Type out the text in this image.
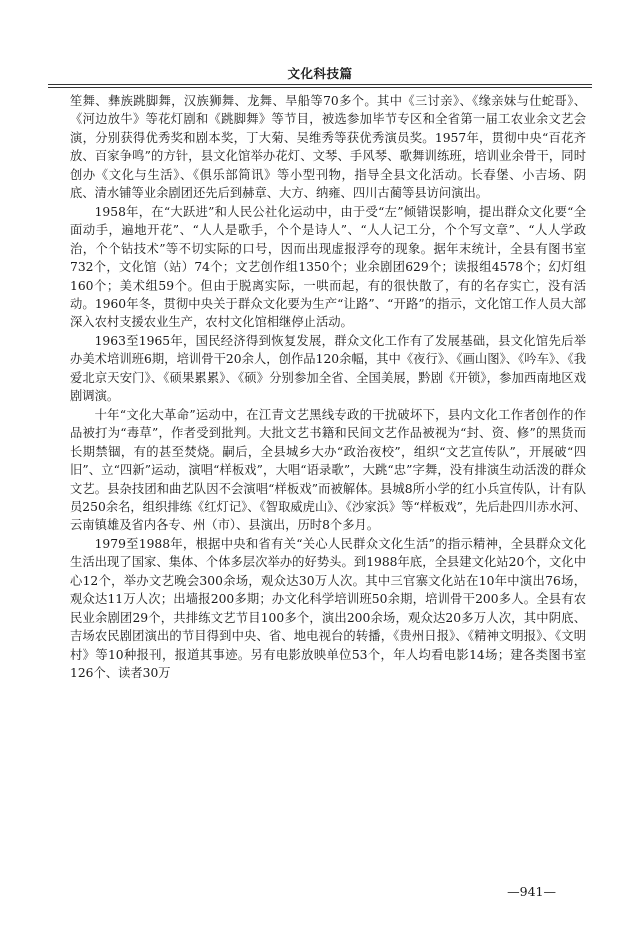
文化科技篇

笙舞、彝族跳脚舞，汉族狮舞、龙舞、旱船等70多个。其中《三讨亲》、《缘亲妹与仕蛇哥》、《河边放牛》等花灯剧和《跳脚舞》等节目，被选参加毕节专区和全省第一届工农业余文艺会演，分别获得优秀奖和剧本奖，丁大菊、吴维秀等获优秀演员奖。1957年，贯彻中央“百花齐放、百家争鸣”的方针，县文化馆举办花灯、文琴、手风琴、歌舞训练班，培训业余骨干，同时创办《文化与生活》、《俱乐部简讯》等小型刊物，指导全县文化活动。长春堡、小吉场、阴底、清水铺等业余剧团还先后到赫章、大方、纳雍、四川古蔺等县访问演出。

1958年，在“大跃进”和人民公社化运动中，由于受“左”倾错误影响，提出群众文化要“全面动手，遍地开花”、“人人是歌手，个个是诗人”、“人人记工分，个个写文章”、“人人学政治，个个钻技术”等不切实际的口号，因而出现虚报浮夸的现象。据年末统计，全县有图书室732个，文化馆（站）74个；文艺创作组1350个；业余剧团629个；读报组4578个；幻灯组160个；美术组59个。但由于脱离实际，一哄而起，有的很快散了，有的名存实亡，没有活动。1960年冬，贯彻中央关于群众文化要为生产“让路”、“开路”的指示，文化馆工作人员大部深入农村支援农业生产，农村文化馆相继停止活动。

1963至1965年，国民经济得到恢复发展，群众文化工作有了发展基础，县文化馆先后举办美术培训班6期，培训骨干20余人，创作品120余幅，其中《夜行》、《画山图》、《吟车》、《我爱北京天安门》、《硕果累累》、《硕》分别参加全省、全国美展，黔剧《开锁》，参加西南地区戏剧调演。

十年“文化大革命”运动中，在江青文艺黑线专政的干扰破坏下，县内文化工作者创作的作品被打为“毒草”，作者受到批判。大批文艺书籍和民间文艺作品被视为“封、资、修”的黑货而长期禁锢，有的甚至焚烧。嗣后，全县城乡大办“政治夜校”，组织“文艺宣传队”，开展破“四旧”、立“四新”运动，演唱“样板戏”，大唱“语录歌”，大跳“忠”字舞，没有排演生动活泼的群众文艺。县杂技团和曲艺队因不会演唱“样板戏”而被解体。县城8所小学的红小兵宣传队，计有队员250余名，组织排练《红灯记》、《智取威虎山》、《沙家浜》等“样板戏”，先后赴四川赤水河、云南镇雄及省内各专、州（市）、县演出，历时8个多月。

1979至1988年，根据中央和省有关“关心人民群众文化生活”的指示精神，全县群众文化生活出现了国家、集体、个体多层次举办的好势头。到1988年底，全县建文化站20个，文化中心12个，举办文艺晚会300余场，观众达30万人次。其中三官寨文化站在10年中演出76场，观众达11万人次；出墙报200多期；办文化科学培训班50余期，培训骨干200多人。全县有农民业余剧团29个，共排练文艺节目100多个，演出200余场，观众达20多万人次，其中阴底、吉场农民剧团演出的节目得到中央、省、地电视台的转播，《贵州日报》、《精神文明报》、《文明村》等10种报刊，报道其事迹。另有电影放映单位53个，年人均看电影14场；建各类图书室126个、读者30万

—941—
